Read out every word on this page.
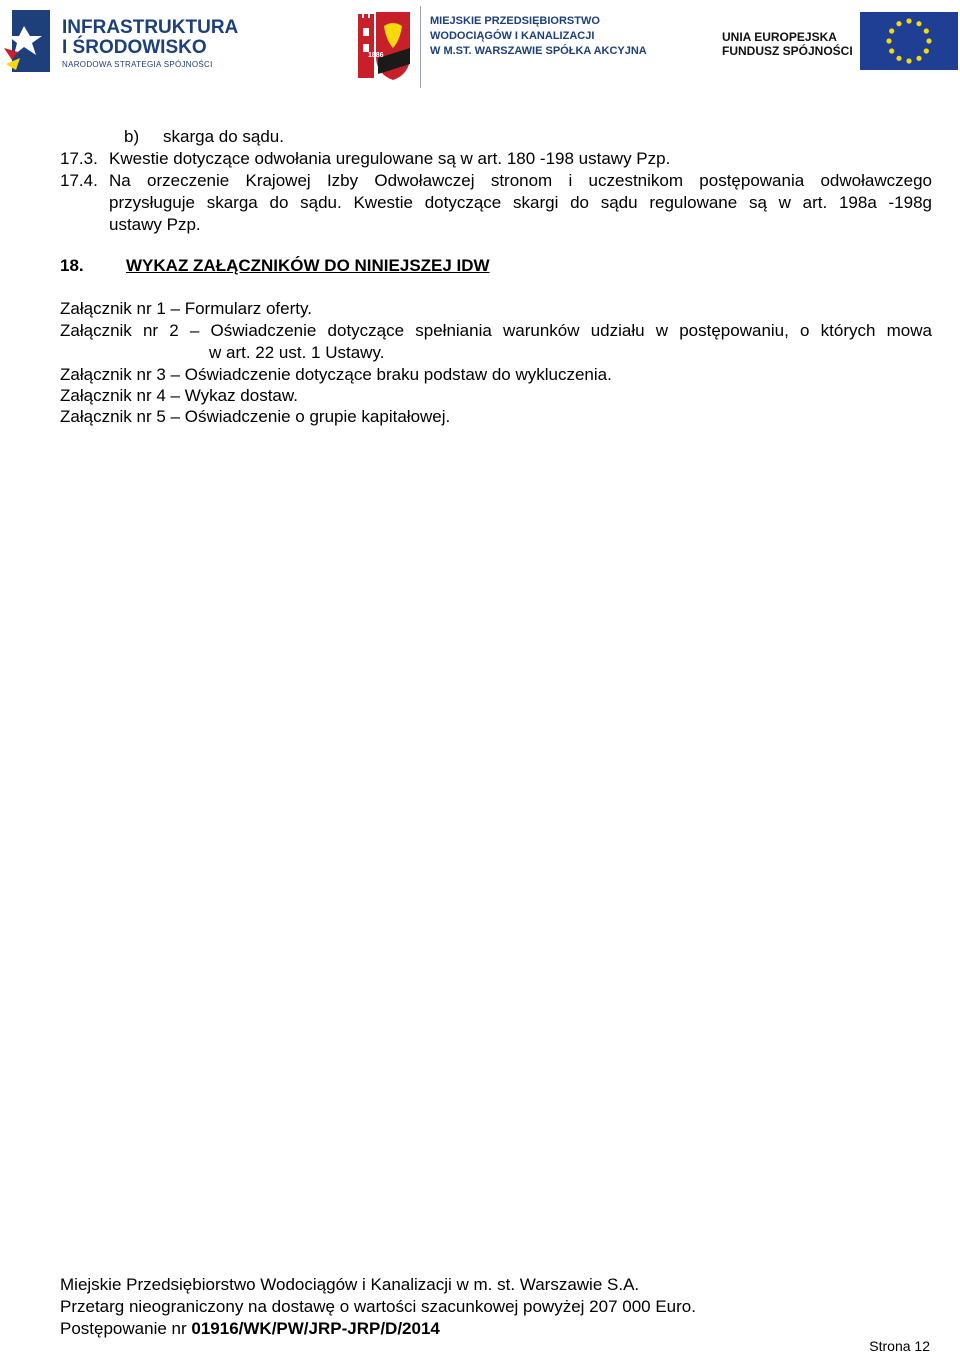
INFRASTRUKTURA
I ŚRODOWISKO
NARODOWA STRATEGIA SPÓJNOŚCI
1886
MIEJSKIE PRZEDSIĘBIORSTWO
WODOCIĄGÓW I KANALIZACJI
W M.ST. WARSZAWIE SPÓŁKA AKCYJNA
UNIA EUROPEJSKA
FUNDUSZ SPÓJNOŚCI
b) skarga do sądu.
17.3. Kwestie dotyczące odwołania uregulowane są w art. 180 -198 ustawy Pzp.
17.4. Na orzeczenie Krajowej Izby Odwoławczej stronom i uczestnikom postępowania odwoławczego
przysługuje skarga do sądu. Kwestie dotyczące skargi do sądu regulowane są w art. 198a -198g
ustawy Pzp.
18. WYKAZ ZAŁĄCZNIKÓW DO NINIEJSZEJ IDW
Załącznik nr 1 – Formularz oferty.
Załącznik nr 2 – Oświadczenie dotyczące spełniania warunków udziału w postępowaniu, o których mowa
w art. 22 ust. 1 Ustawy.
Załącznik nr 3 – Oświadczenie dotyczące braku podstaw do wykluczenia.
Załącznik nr 4 – Wykaz dostaw.
Załącznik nr 5 – Oświadczenie o grupie kapitałowej.
Miejskie Przedsiębiorstwo Wodociągów i Kanalizacji w m. st. Warszawie S.A.
Przetarg nieograniczony na dostawę o wartości szacunkowej powyżej 207 000 Euro.
Postępowanie nr 01916/WK/PW/JRP-JRP/D/2014
Strona 12
